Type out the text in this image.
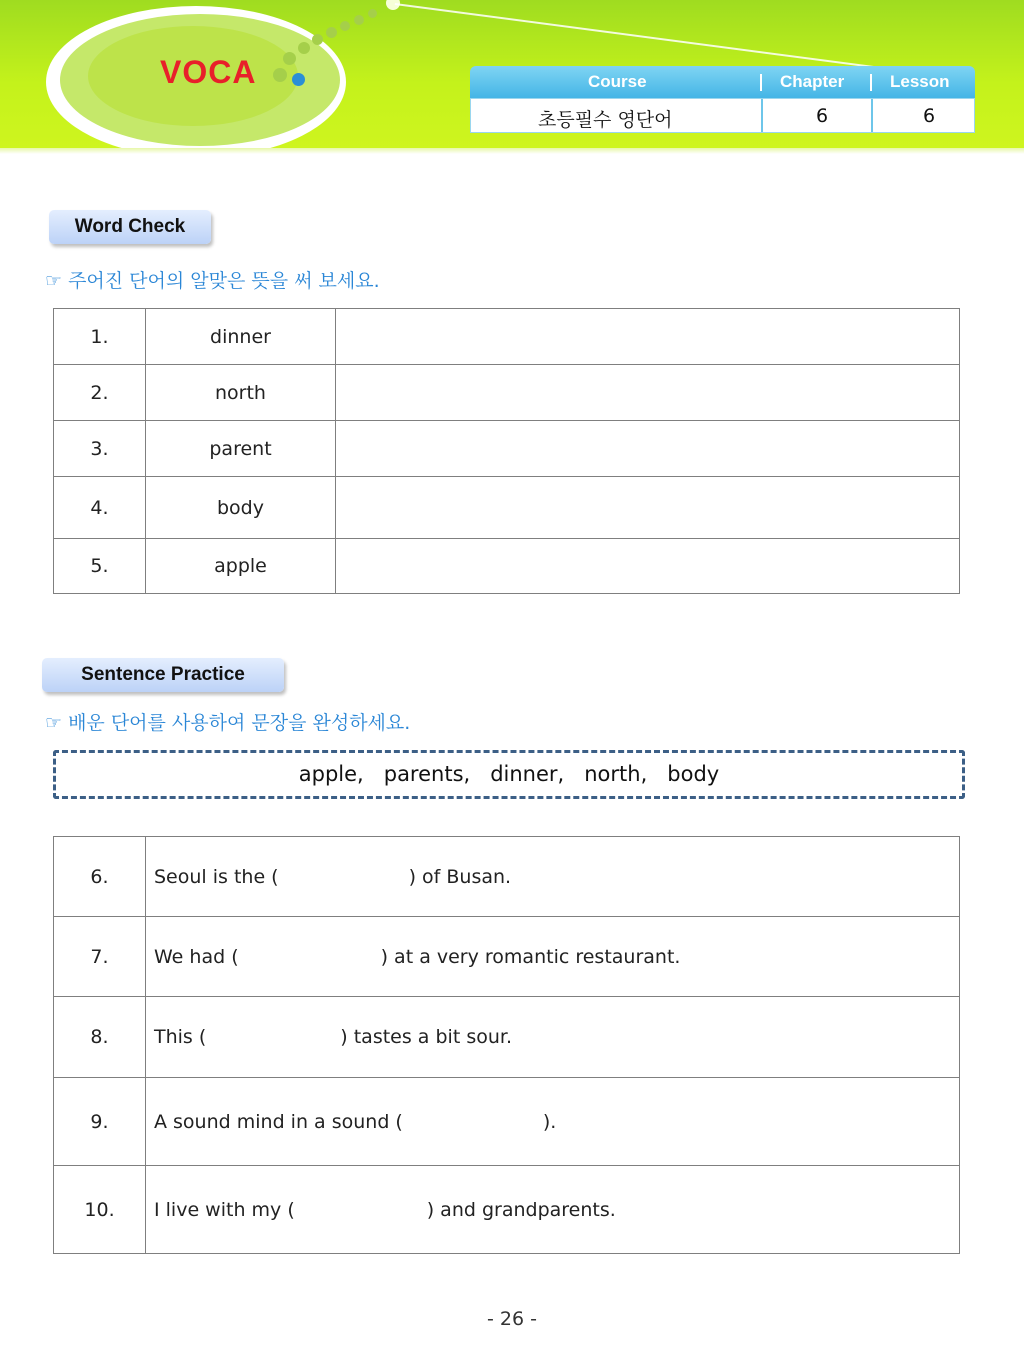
VOCA	Course	Chapter	Lesson
초등필수 영단어	6	6
Word Check
☞ 주어진 단어의 알맞은 뜻을 써 보세요.
1.	dinner	
2.	north	
3.	parent	
4.	body	
5.	apple	
Sentence Practice
☞ 배운 단어를 사용하여 문장을 완성하세요.
apple,   parents,   dinner,   north,   body
6.	Seoul is the ( ) of Busan.
7.	We had ( ) at a very romantic restaurant.
8.	This ( ) tastes a bit sour.
9.	A sound mind in a sound ( ).
10.	I live with my ( ) and grandparents.
- 26 -
